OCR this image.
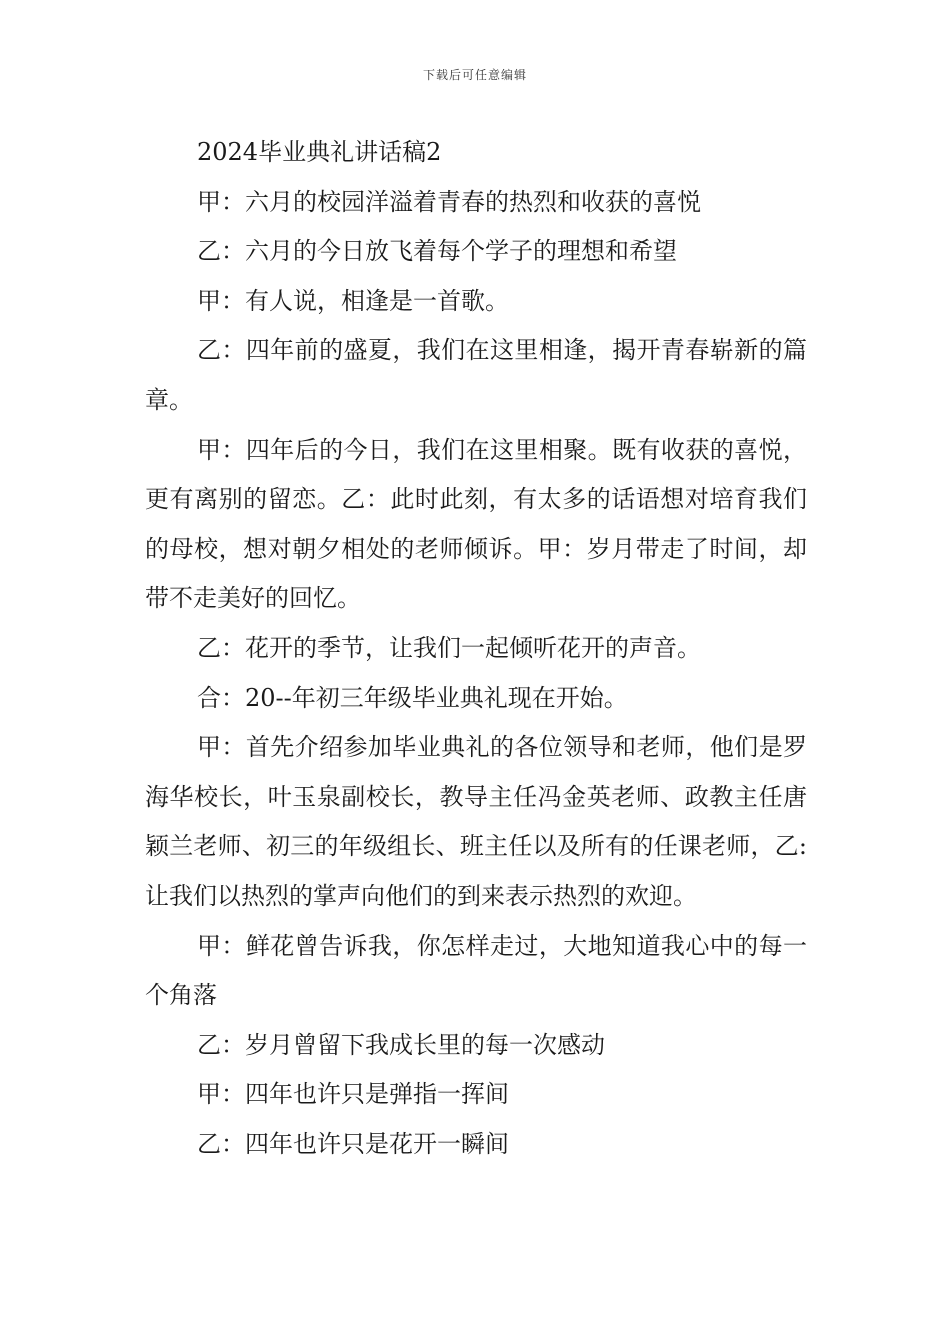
下载后可任意编辑

2024毕业典礼讲话稿2

甲：六月的校园洋溢着青春的热烈和收获的喜悦

乙：六月的今日放飞着每个学子的理想和希望

甲：有人说，相逢是一首歌。

乙：四年前的盛夏，我们在这里相逢，揭开青春崭新的篇章。

甲：四年后的今日，我们在这里相聚。既有收获的喜悦，更有离别的留恋。乙：此时此刻，有太多的话语想对培育我们的母校，想对朝夕相处的老师倾诉。甲：岁月带走了时间，却带不走美好的回忆。

乙：花开的季节，让我们一起倾听花开的声音。

合：20--年初三年级毕业典礼现在开始。

甲：首先介绍参加毕业典礼的各位领导和老师，他们是罗海华校长，叶玉泉副校长，教导主任冯金英老师、政教主任唐颖兰老师、初三的年级组长、班主任以及所有的任课老师，乙:让我们以热烈的掌声向他们的到来表示热烈的欢迎。

甲：鲜花曾告诉我，你怎样走过，大地知道我心中的每一个角落

乙：岁月曾留下我成长里的每一次感动

甲：四年也许只是弹指一挥间

乙：四年也许只是花开一瞬间
